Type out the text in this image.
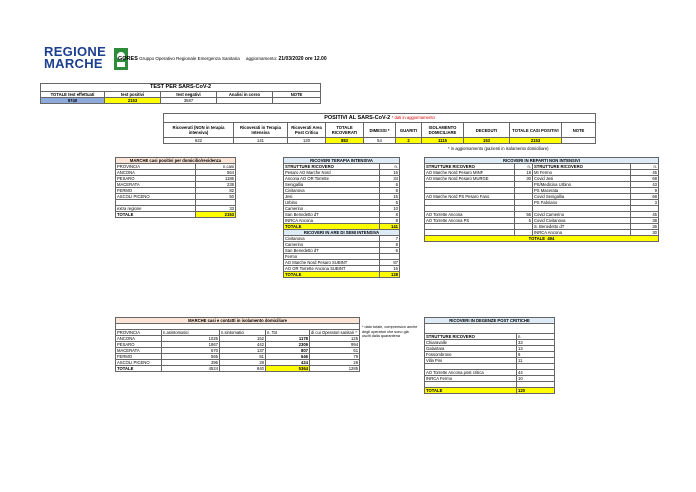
REGIONE
MARCHE	GORES Gruppo Operativo Regionale Emergenza Sanitaria aggiornamento: 21/03/2020 ore 12.00
TEST PER SARS-CoV-2				
TOTALE test effettuati	test positivi	test negativi	Analisi in corso	NOTE
5740	2153	3587		
POSITIVI AL SARS-CoV-2 * dati in aggiornamento									
Ricoverati (NON in terapia intensiva)	Ricoverati in Terapia Intensiva	Ricoverati Area Post Critica	TOTALE RICOVERATI	DIMESSI *	GUARITI	ISOLAMENTO DOMICILIARE	DECEDUTI	TOTALE CASI POSITIVI	NOTE
622	141	120	883	54	2	1115	153	2153	
* in aggiornamento (pazienti in isolamento domiciliare)
MARCHE casi positivi per domicilio/residenza	
PROVINCIA	n.casi
ANCONA	564
PESARO	1186
MACERATA	238
FERMO	82
ASCOLI PICENO	50

extra regione	33
TOTALE	2153
RICOVERI TERAPIA INTENSIVA	
STRUTTURE RICOVERO	n.
Pesaro AO Marche Nord	16
Ancona AO OR Torrette	34
Senigallia	6
Civitanova	8
Jesi	15
Urbino	6
Camerino	10
San Benedetto dT	8
INRCA Ancona	8
TOTALE	141
RICOVERI IN ARE DI SEMI INTENSIVA	
Civitanova	7
Camerino	8
San Benedetto dT	6
Fermo	
AO Marche Nord Pesaro SUBINT	87
AO OR Torrette Ancona SUBINT	16
TOTALE	128
RICOVERI IN REPARTI NON INTENSIVI			
STRUTTURE RICOVERO	n.	STRUTTURE RICOVERO	n.
AO Marche Nord Pesaro MINF	18	MI Fermo	45
AO Marche Nord Pesaro MURGE	30	Covid Jesi	68
		PS/Medicina Urbino	43
		PS Macerata	9
AO Marche Nord PS Pesaro Fano		Covid Senigallia	68
		PS Fabriano	3

AO Torrette Ancona	56	Covid Camerino	45
AO Torrette Ancona PS	5	Covid Civitanova	38
		S. Benedetto dT	36
		INRCA Ancona	30
TOTALE 494			
MARCHE casi e contatti in isolamento domiciliare				

PROVINCIA	n.asintomatici	n.sintomatici	n. Tot	di cui Operatori sanitari *
ANCONA	1026	152	1178	125
PESARO	1867	442	2309	994
MACERATA	670	137	807	61
FERMO	565	81	646	79
ASCOLI PICENO	396	28	424	26
TOTALE	4524	840	5364	1285
* dato totale, comprensivo anche degli operatori che sono già usciti dalla quarantena
RICOVERI IN DEGENZE POST CRITICHE	

STRUTTURE RICOVERO	n.
Chiaravalle	33
Galantara	13
Fossombrone	9
Villa Pini	11

AO Torrette Ancona post critica	44
INRCA Fermo	10

TOTALE	120
